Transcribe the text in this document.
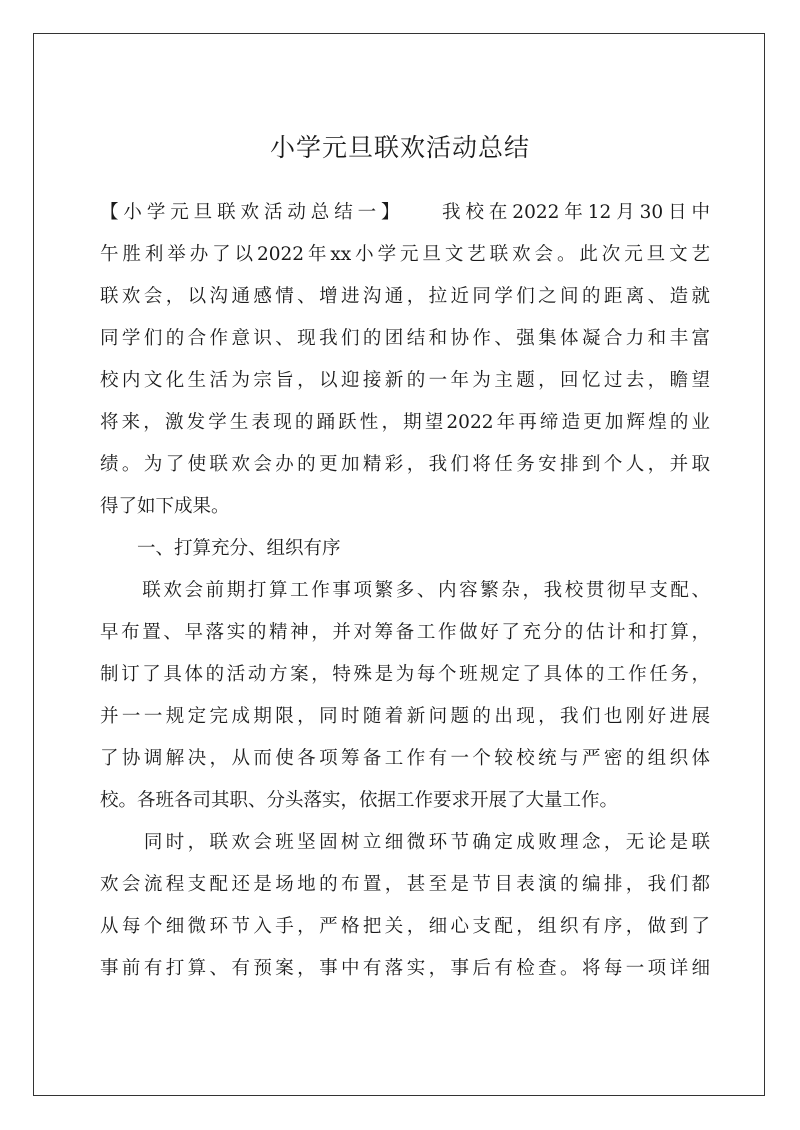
小学元旦联欢活动总结
【小学元旦联欢活动总结一】　　我校在2022年12月30日中
午胜利举办了以2022年xx小学元旦文艺联欢会。此次元旦文艺
联欢会，以沟通感情、增进沟通，拉近同学们之间的距离、造就
同学们的合作意识、现我们的团结和协作、强集体凝合力和丰富
校内文化生活为宗旨，以迎接新的一年为主题，回忆过去，瞻望
将来，激发学生表现的踊跃性，期望2022年再缔造更加辉煌的业
绩。为了使联欢会办的更加精彩，我们将任务安排到个人，并取
得了如下成果。
　　一、打算充分、组织有序
　　联欢会前期打算工作事项繁多、内容繁杂，我校贯彻早支配、
早布置、早落实的精神，并对筹备工作做好了充分的估计和打算，
制订了具体的活动方案，特殊是为每个班规定了具体的工作任务，
并一一规定完成期限，同时随着新问题的出现，我们也刚好进展
了协调解决，从而使各项筹备工作有一个较校统与严密的组织体
校。各班各司其职、分头落实，依据工作要求开展了大量工作。
　　同时，联欢会班坚固树立细微环节确定成败理念，无论是联
欢会流程支配还是场地的布置，甚至是节目表演的编排，我们都
从每个细微环节入手，严格把关，细心支配，组织有序，做到了
事前有打算、有预案，事中有落实，事后有检查。将每一项详细
